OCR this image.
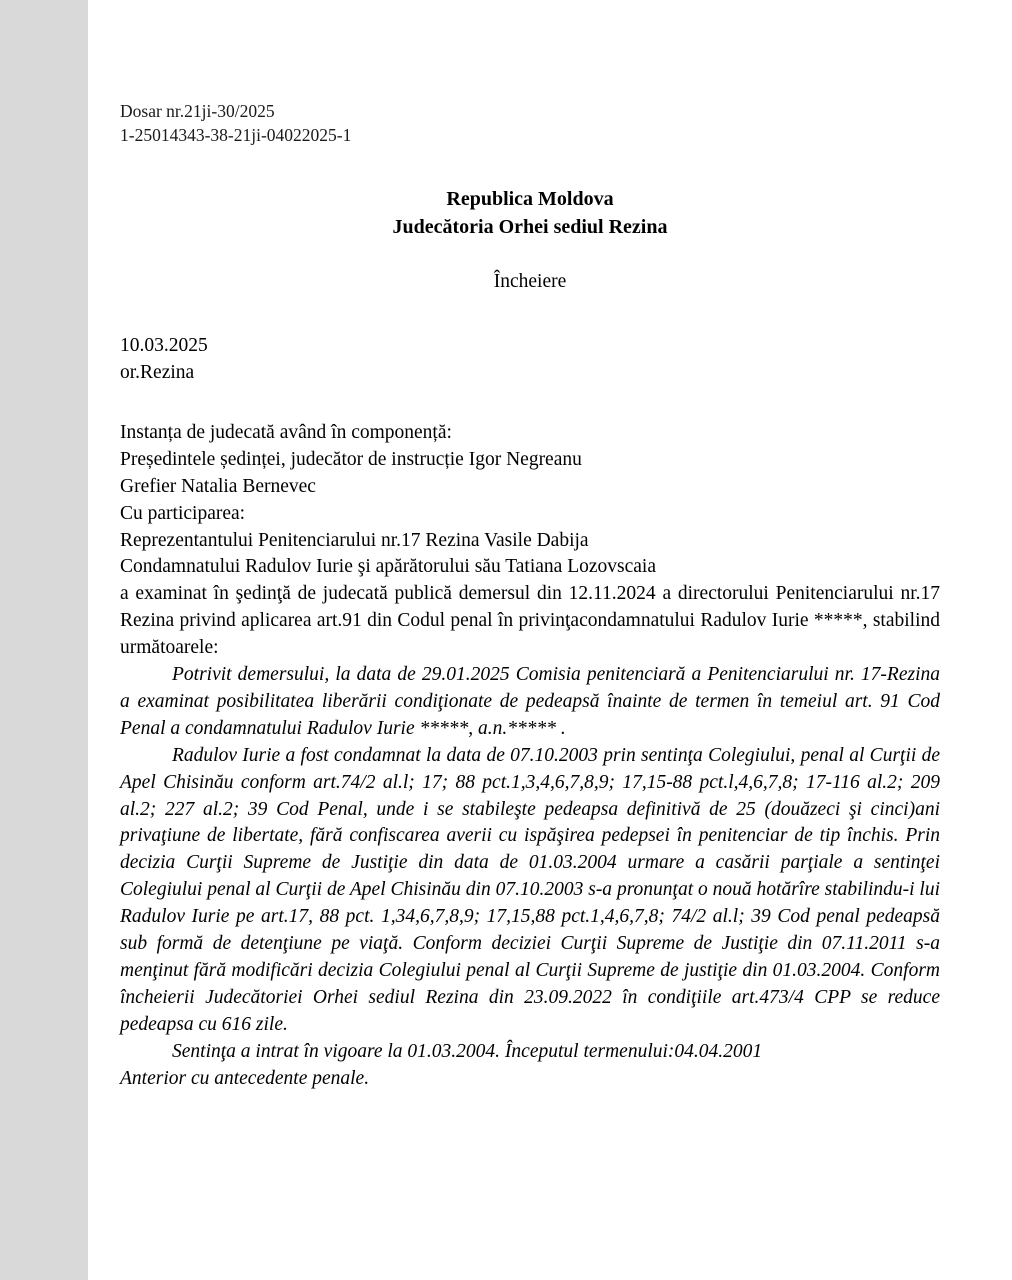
Dosar nr.21ji-30/2025
1-25014343-38-21ji-04022025-1
Republica Moldova
Judecătoria Orhei sediul Rezina
Încheiere
10.03.2025
or.Rezina

Instanța de judecată având în componență:

Președintele ședinței, judecător de instrucție Igor Negreanu

Grefier Natalia Bernevec

Cu participarea:

Reprezentantului Penitenciarului nr.17 Rezina Vasile Dabija

Condamnatului Radulov Iurie şi apărătorului său Tatiana Lozovscaia

a examinat în şedinţă de judecată publică demersul din 12.11.2024 a directorului Penitenciarului nr.17 Rezina privind aplicarea art.91 din Codul penal în privinţacondamnatului Radulov Iurie *****, stabilind următoarele:

Potrivit demersului, la data de 29.01.2025 Comisia penitenciară a Penitenciarului nr. 17-Rezina a examinat posibilitatea liberării condiţionate de pedeapsă înainte de termen în temeiul art. 91 Cod Penal a condamnatului Radulov Iurie *****, a.n.***** .

Radulov Iurie a fost condamnat la data de 07.10.2003 prin sentinţa Colegiului, penal al Curţii de Apel Chisinău conform art.74/2 al.l; 17; 88 pct.1,3,4,6,7,8,9; 17,15-88 pct.l,4,6,7,8; 17-116 al.2; 209 al.2; 227 al.2; 39 Cod Penal, unde i se stabileşte pedeapsa definitivă de 25 (douăzeci şi cinci)ani privaţiune de libertate, fără confiscarea averii cu ispăşirea pedepsei în penitenciar de tip închis. Prin decizia Curţii Supreme de Justiţie din data de 01.03.2004 urmare a casării parţiale a sentinţei Colegiului penal al Curţii de Apel Chisinău din 07.10.2003 s-a pronunţat o nouă hotărîre stabilindu-i lui Radulov Iurie pe art.17, 88 pct. 1,34,6,7,8,9; 17,15,88 pct.1,4,6,7,8; 74/2 al.l; 39 Cod penal pedeapsă sub formă de detenţiune pe viaţă. Conform deciziei Curţii Supreme de Justiţie din 07.11.2011 s-a menţinut fără modificări decizia Colegiului penal al Curţii Supreme de justiţie din 01.03.2004. Conform încheierii Judecătoriei Orhei sediul Rezina din 23.09.2022 în condiţiile art.473/4 CPP se reduce pedeapsa cu 616 zile.

Sentinţa a intrat în vigoare la 01.03.2004. Începutul termenului:04.04.2001

Anterior cu antecedente penale.
